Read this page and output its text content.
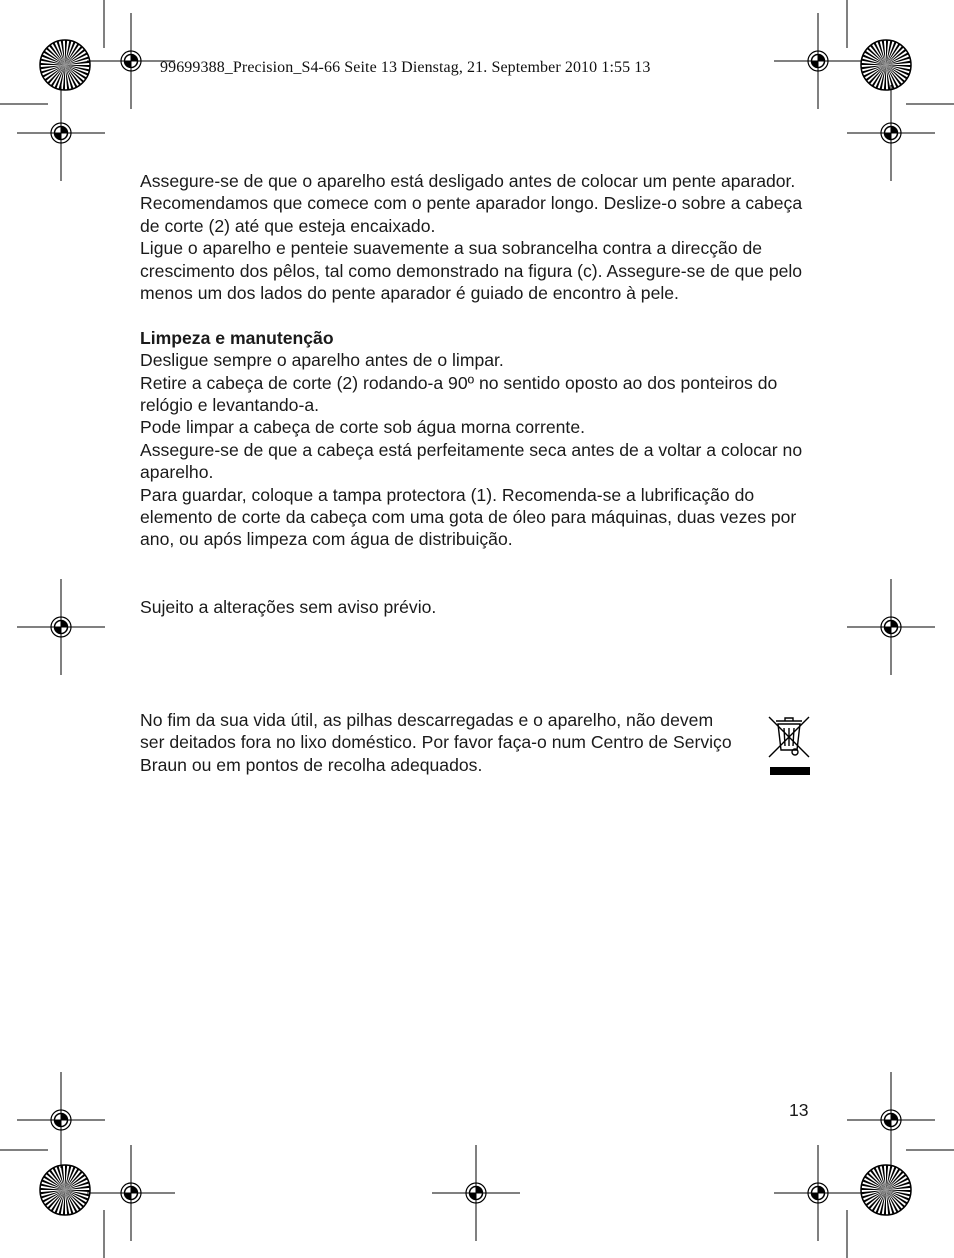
99699388_Precision_S4-66 Seite 13 Dienstag, 21. September 2010 1:55 13

Assegure-se de que o aparelho está desligado antes de colocar um pente aparador.

Recomendamos que comece com o pente aparador longo. Deslize-o sobre a cabeça de corte (2) até que esteja encaixado.

Ligue o aparelho e penteie suavemente a sua sobrancelha contra a direcção de crescimento dos pêlos, tal como demonstrado na figura (c). Assegure-se de que pelo menos um dos lados do pente aparador é guiado de encontro à pele.

Limpeza e manutenção

Desligue sempre o aparelho antes de o limpar.

Retire a cabeça de corte (2) rodando-a 90º no sentido oposto ao dos ponteiros do relógio e levantando-a.

Pode limpar a cabeça de corte sob água morna corrente.

Assegure-se de que a cabeça está perfeitamente seca antes de a voltar a colocar no aparelho.

Para guardar, coloque a tampa protectora (1). Recomenda-se a lubrificação do elemento de corte da cabeça com uma gota de óleo para máquinas, duas vezes por ano, ou após limpeza com água de distribuição.

Sujeito a alterações sem aviso prévio.

No fim da sua vida útil, as pilhas descarregadas e o aparelho, não devem ser deitados fora no lixo doméstico. Por favor faça-o num Centro de Serviço Braun ou em pontos de recolha adequados.
13
